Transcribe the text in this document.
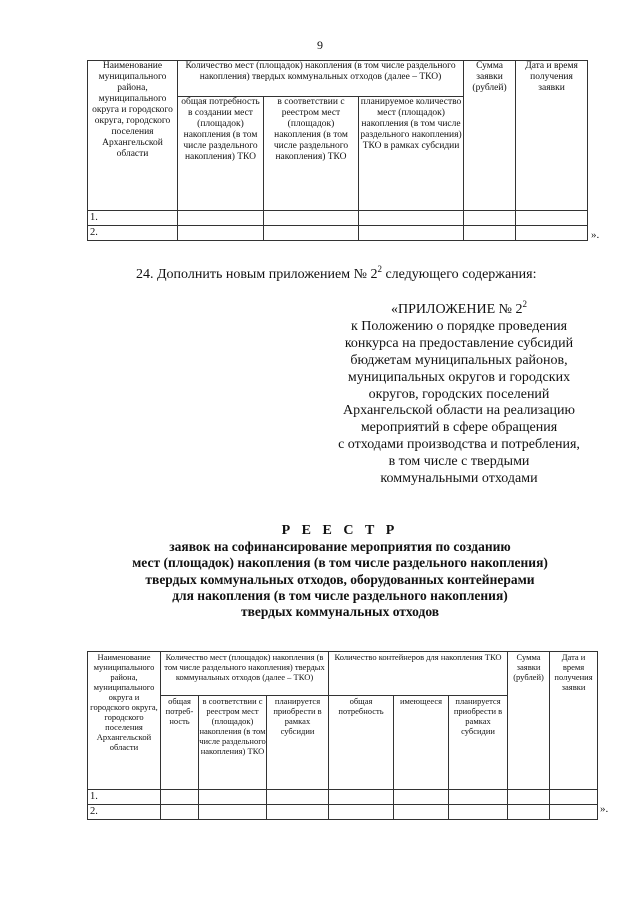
9
Наименование муниципального района, муниципального округа и городского округа, городского поселения Архангельской области	Количество мест (площадок) накопления (в том числе раздельного накопления) твердых коммунальных отходов (далее – ТКО)			Сумма заявки (рублей)	Дата и время получения заявки
	общая потребность в создании мест (площадок) накопления (в том числе раздельного накопления) ТКО	в соответствии с реестром мест (площадок) накопления (в том числе раздельного накопления) ТКО	планируемое количество мест (площадок) накопления (в том числе раздельного накопления) ТКО в рамках субсидии		
1.					
2.						».
24. Дополнить новым приложением № $2^2$ следующего содержания:
«ПРИЛОЖЕНИЕ № $2^2$
к Положению о порядке проведения
конкурса на предоставление субсидий
бюджетам муниципальных районов,
муниципальных округов и городских
округов, городских поселений
Архангельской области на реализацию
мероприятий в сфере обращения
с отходами производства и потребления,
в том числе с твердыми
коммунальными отходами
Р Е Е С Т Р
заявок на софинансирование мероприятия по созданию
мест (площадок) накопления (в том числе раздельного накопления)
твердых коммунальных отходов, оборудованных контейнерами
для накопления (в том числе раздельного накопления)
твердых коммунальных отходов
Наименование муниципального района, муниципального округа и городского округа, городского поселения Архангельской области	Количество мест (площадок) накопления (в том числе раздельного накопления) твердых коммунальных отходов (далее – ТКО)			Количество контейнеров для накопления ТКО			Сумма заявки (рублей)	Дата и время получения заявки
	общая потреб-ность	в соответствии с реестром мест (площадок) накопления (в том числе раздельного накопления) ТКО	планируется приобрести в рамках субсидии	общая потребность	имеющееся	планируется приобрести в рамках субсидии		
1.								
2.									».
